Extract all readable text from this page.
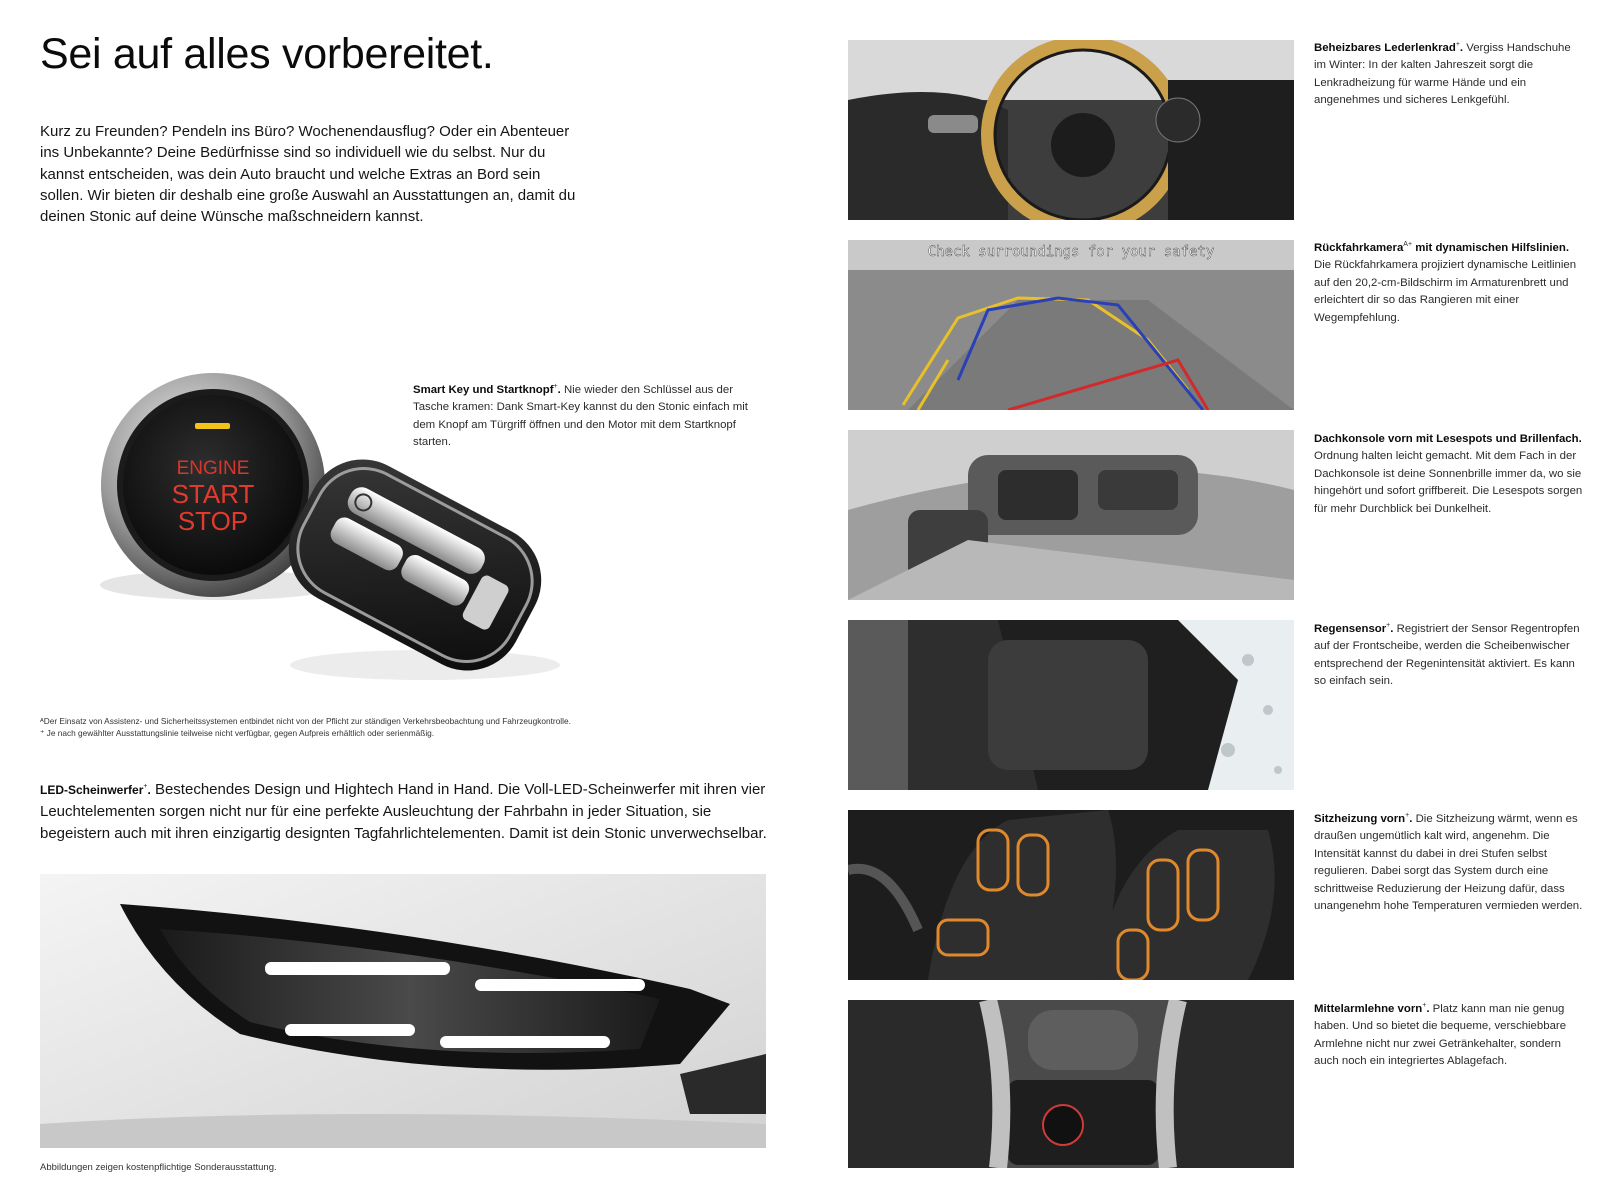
Sei auf alles vorbereitet.

Kurz zu Freunden? Pendeln ins Büro? Wochenendausflug? Oder ein Abenteuer ins Unbekannte? Deine Bedürfnisse sind so individuell wie du selbst. Nur du kannst entscheiden, was dein Auto braucht und welche Extras an Bord sein sollen. Wir bieten dir deshalb eine große Auswahl an Ausstattungen an, damit du deinen Stonic auf deine Wünsche maßschneidern kannst.

ENGINE
START
STOP

Smart Key und Startknopf+. Nie wieder den Schlüssel aus der Tasche kramen: Dank Smart-Key kannst du den Stonic einfach mit dem Knopf am Türgriff öffnen und den Motor mit dem Startknopf starten.

ᴬDer Einsatz von Assistenz- und Sicherheitssystemen entbindet nicht von der Pflicht zur ständigen Verkehrsbeobachtung und Fahrzeugkontrolle.

⁺ Je nach gewählter Ausstattungslinie teilweise nicht verfügbar, gegen Aufpreis erhältlich oder serienmäßig.

LED-Scheinwerfer+. Bestechendes Design und Hightech Hand in Hand. Die Voll-LED-Scheinwerfer mit ihren vier Leuchtelementen sorgen nicht nur für eine perfekte Ausleuchtung der Fahrbahn in jeder Situation, sie begeistern auch mit ihren einzigartig designten Tagfahrlichtelementen. Damit ist dein Stonic unverwechselbar.

Abbildungen zeigen kostenpflichtige Sonderausstattung.

Check surroundings for your safety

Beheizbares Lederlenkrad+. Vergiss Handschuhe im Winter: In der kalten Jahreszeit sorgt die Lenkradheizung für warme Hände und ein angenehmes und sicheres Lenkgefühl.

Rückfahrkamera$^{A+}$ mit dynamischen Hilfslinien. Die Rückfahrkamera projiziert dynamische Leitlinien auf den 20,2-cm-Bildschirm im Armaturenbrett und erleichtert dir so das Rangieren mit einer Wegempfehlung.

Dachkonsole vorn mit Lesespots und Brillenfach. Ordnung halten leicht gemacht. Mit dem Fach in der Dachkonsole ist deine Sonnenbrille immer da, wo sie hingehört und sofort griffbereit. Die Lesespots sorgen für mehr Durchblick bei Dunkelheit.

Regensensor+. Registriert der Sensor Regentropfen auf der Frontscheibe, werden die Scheibenwischer entsprechend der Regenintensität aktiviert. Es kann so einfach sein.

Sitzheizung vorn+. Die Sitzheizung wärmt, wenn es draußen ungemütlich kalt wird, angenehm. Die Intensität kannst du dabei in drei Stufen selbst regulieren. Dabei sorgt das System durch eine schrittweise Reduzierung der Heizung dafür, dass unangenehm hohe Temperaturen vermieden werden.

Mittelarmlehne vorn+. Platz kann man nie genug haben. Und so bietet die bequeme, verschiebbare Armlehne nicht nur zwei Getränkehalter, sondern auch noch ein integriertes Ablagefach.
